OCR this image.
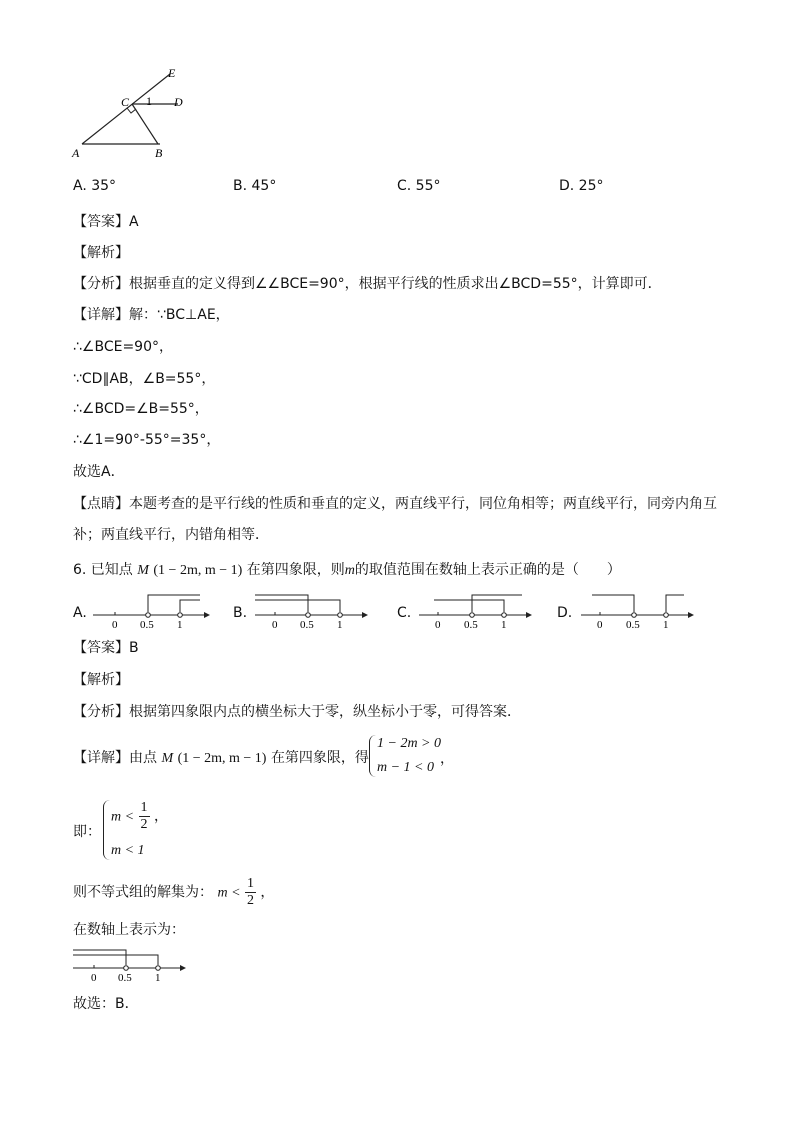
E
C 1 D
A	B
A. 35°	B. 45°	C. 55°	D. 25°
【答案】A
【解析】
【分析】根据垂直的定义得到∠∠BCE=90°，根据平行线的性质求出∠BCD=55°，计算即可．
【详解】解：∵BC⊥AE，
∴∠BCE=90°，
∵CD∥AB，∠B=55°，
∴∠BCD=∠B=55°，
∴∠1=90°-55°=35°，
故选A．
【点睛】本题考查的是平行线的性质和垂直的定义，两直线平行，同位角相等；两直线平行，同旁内角互
补；两直线平行，内错角相等．
6. 已知点 M (1 − 2m, m − 1) 在第四象限，则m的取值范围在数轴上表示正确的是（　　）
A.
0 0.5 1
B.
0 0.5 1
C.
0 0.5 1
D.
0 0.5 1
【答案】B
【解析】
【分析】根据第四象限内点的横坐标大于零，纵坐标小于零，可得答案．
【详解】由点 M (1 − 2m, m − 1) 在第四象限，得
1 − 2m > 0
m − 1 < 0
，
即：
$m < \frac{1}{2}$ ，
m < 1
则不等式组的解集为： $m < \frac{1}{2}$ ，
在数轴上表示为：
0 0.5 1
故选：B．
